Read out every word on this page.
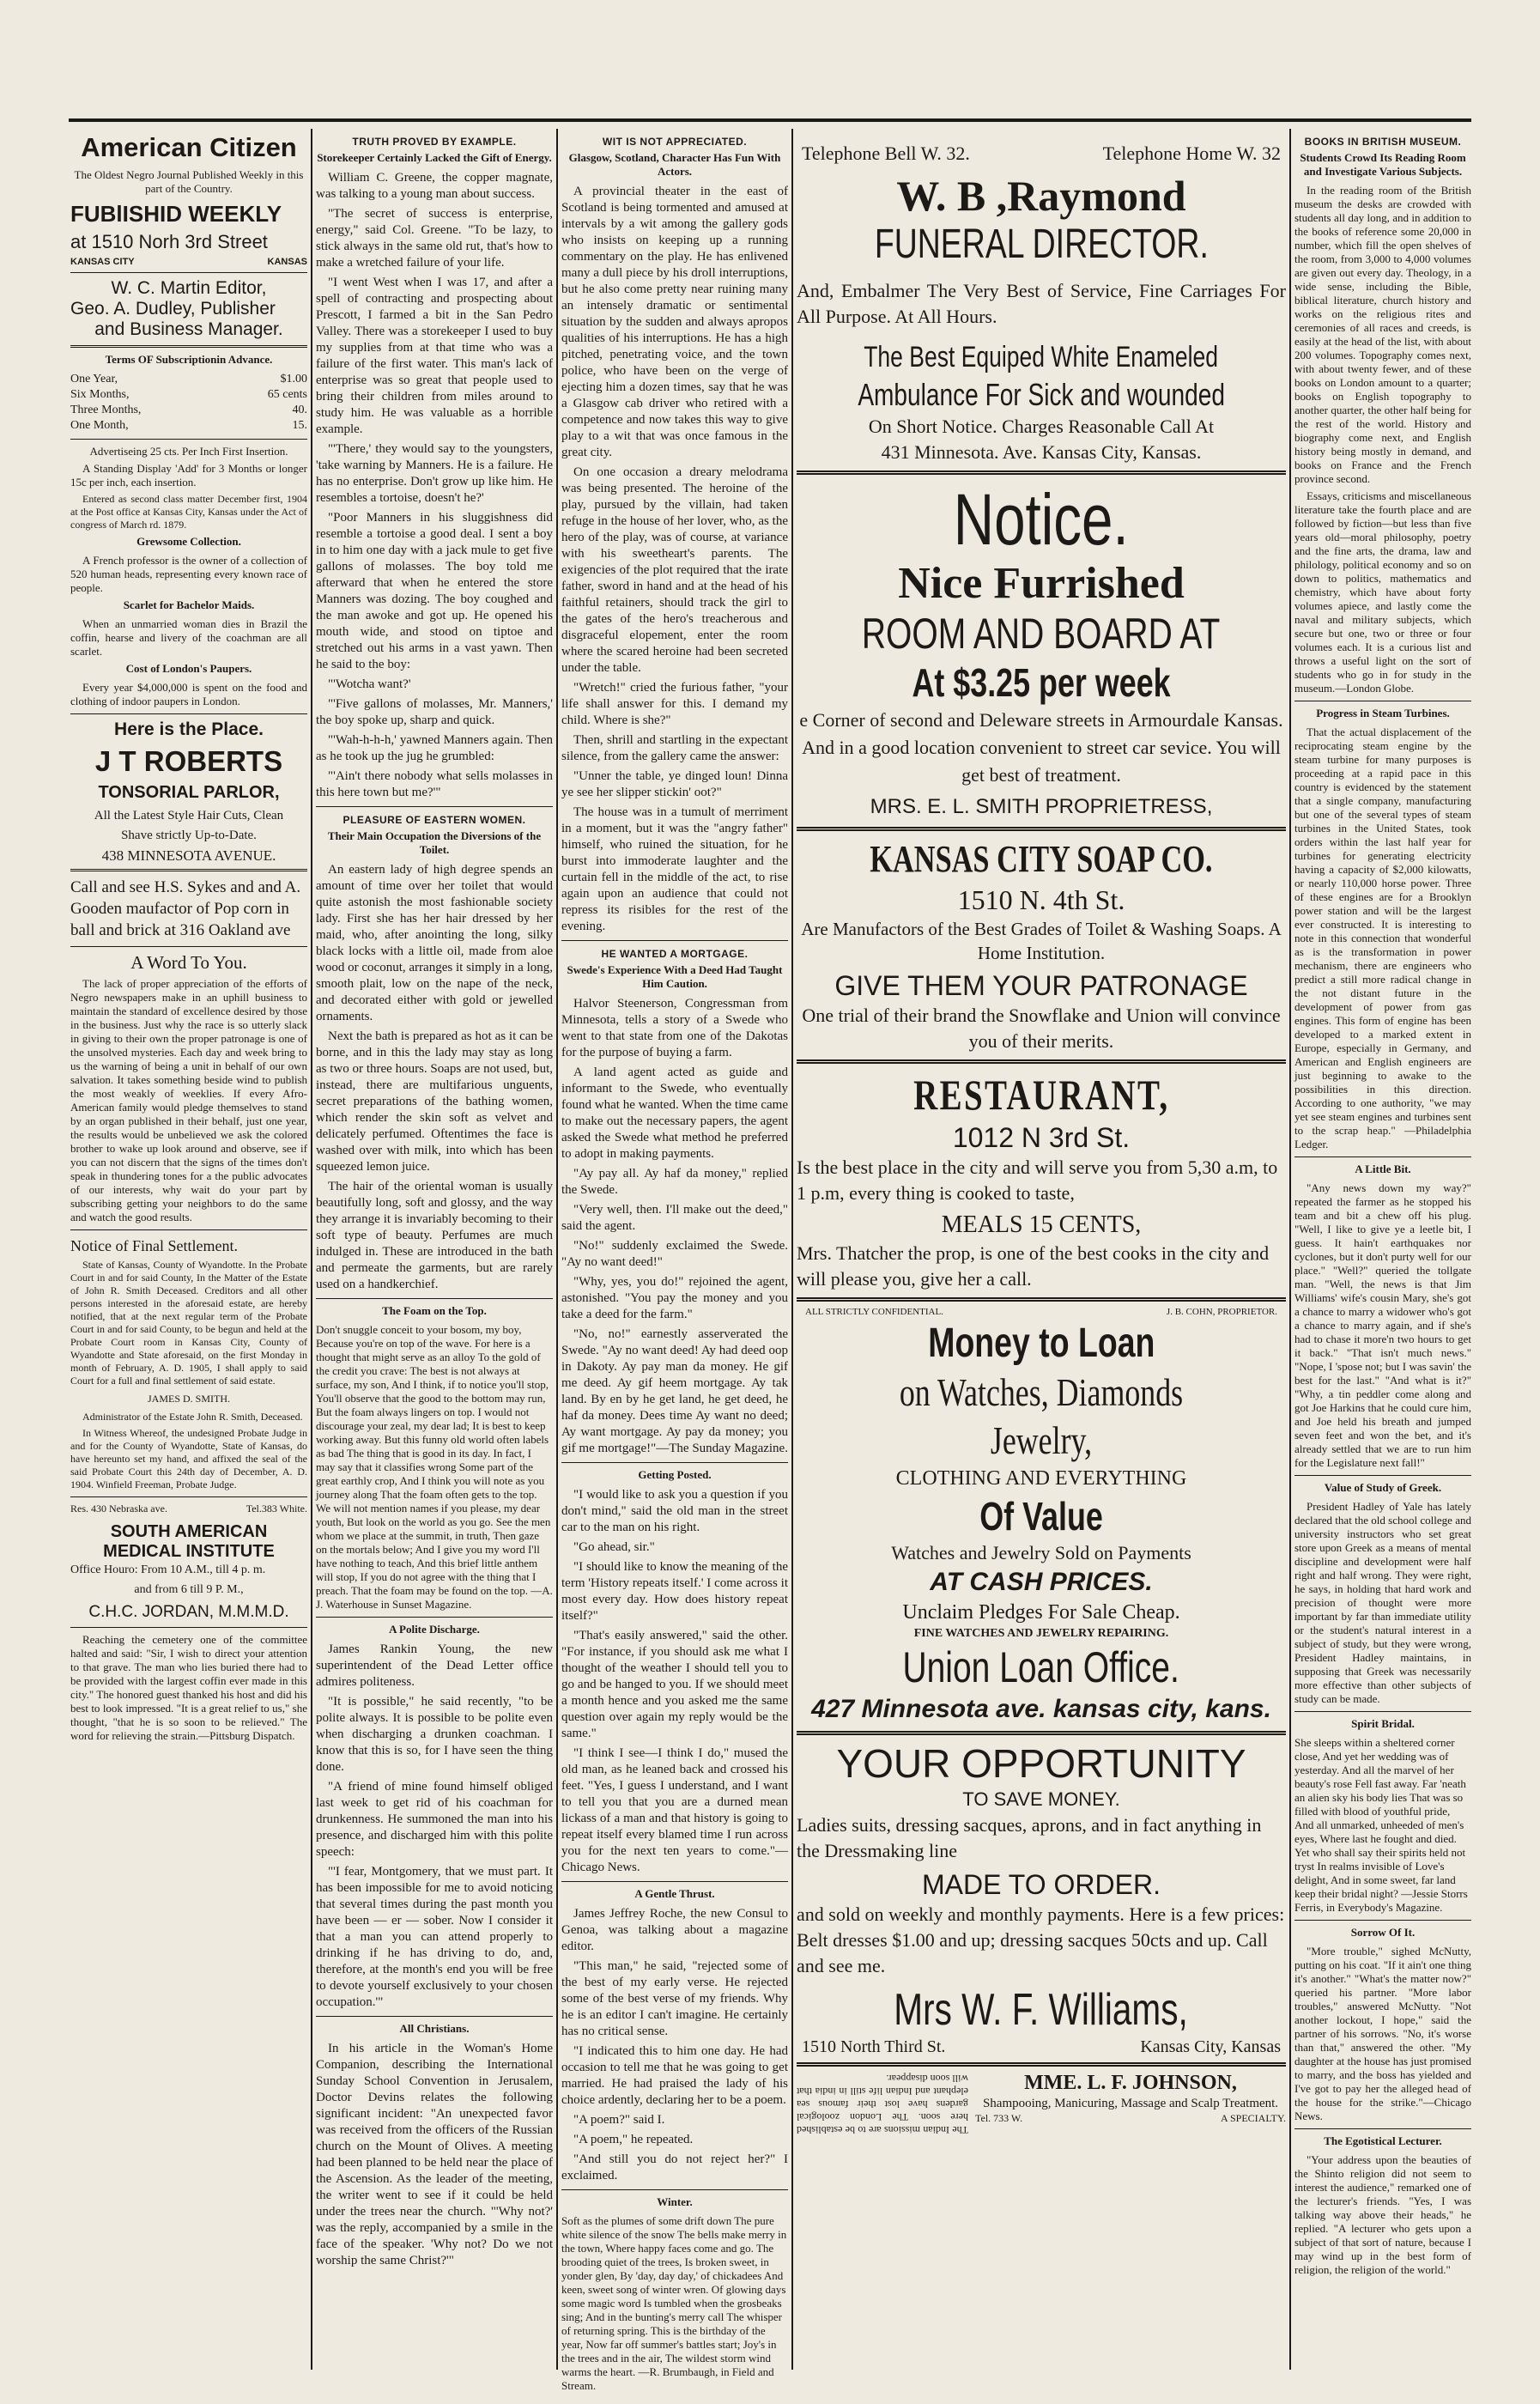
American Citizen

The Oldest Negro Journal Published Weekly in this part of the Country.

FUBlISHID WEEKLY
at 1510 Norh 3rd Street
KANSAS CITY	KANSAS
W. C. Martin Editor,
Geo. A. Dudley, Publisher
and Business Manager.
Terms OF Subscriptionin Advance.
One Year,	$1.00
Six Months,	65 cents
Three Months,	40.
One Month,	15.

Advertiseing 25 cts. Per Inch First Insertion.

A Standing Display 'Add' for 3 Months or longer 15c per inch, each insertion.

Entered as second class matter December first, 1904 at the Post office at Kansas City, Kansas under the Act of congress of March rd. 1879.

Grewsome Collection.

A French professor is the owner of a collection of 520 human heads, representing every known race of people.

Scarlet for Bachelor Maids.

When an unmarried woman dies in Brazil the coffin, hearse and livery of the coachman are all scarlet.

Cost of London's Paupers.

Every year $4,000,000 is spent on the food and clothing of indoor paupers in London.

Here is the Place.
J T ROBERTS
TONSORIAL PARLOR,

All the Latest Style Hair Cuts, Clean

Shave strictly Up-to-Date.

438 MINNESOTA AVENUE.

Call and see H.S. Sykes and and A. Gooden maufactor of Pop corn in ball and brick at 316 Oakland ave

A Word To You.

The lack of proper appreciation of the efforts of Negro newspapers make in an uphill business to maintain the standard of excellence desired by those in the business. Just why the race is so utterly slack in giving to their own the proper patronage is one of the unsolved mysteries. Each day and week bring to us the warning of being a unit in behalf of our own salvation. It takes something beside wind to publish the most weakly of weeklies. If every Afro-American family would pledge themselves to stand by an organ published in their behalf, just one year, the results would be unbelieved we ask the colored brother to wake up look around and observe, see if you can not discern that the signs of the times don't speak in thundering tones for a the public advocates of our interests, why wait do your part by subscribing getting your neighbors to do the same and watch the good results.

Notice of Final Settlement.

State of Kansas, County of Wyandotte. In the Probate Court in and for said County, In the Matter of the Estate of John R. Smith Deceased. Creditors and all other persons interested in the aforesaid estate, are hereby notified, that at the next regular term of the Probate Court in and for said County, to be begun and held at the Probate Court room in Kansas City, County of Wyandotte and State aforesaid, on the first Monday in month of February, A. D. 1905, I shall apply to said Court for a full and final settlement of said estate.

JAMES D. SMITH.

Administrator of the Estate John R. Smith, Deceased.

In Witness Whereof, the undesigned Probate Judge in and for the County of Wyandotte, State of Kansas, do have hereunto set my hand, and affixed the seal of the said Probate Court this 24th day of December, A. D. 1904. Winfield Freeman, Probate Judge.

Res. 430 Nebraska ave.	Tel.383 White.
SOUTH AMERICAN
MEDICAL INSTITUTE

Office Houro: From 10 A.M., till 4 p. m.

and from 6 till 9 P. M.,

C.H.C. JORDAN, M.M.M.D.

Reaching the cemetery one of the committee halted and said: "Sir, I wish to direct your attention to that grave. The man who lies buried there had to be provided with the largest coffin ever made in this city." The honored guest thanked his host and did his best to look impressed. "It is a great relief to us," she thought, "that he is so soon to be relieved." The word for relieving the strain.—Pittsburg Dispatch.

TRUTH PROVED BY EXAMPLE.
Storekeeper Certainly Lacked the Gift of Energy.

William C. Greene, the copper magnate, was talking to a young man about success.

"The secret of success is enterprise, energy," said Col. Greene. "To be lazy, to stick always in the same old rut, that's how to make a wretched failure of your life.

"I went West when I was 17, and after a spell of contracting and prospecting about Prescott, I farmed a bit in the San Pedro Valley. There was a storekeeper I used to buy my supplies from at that time who was a failure of the first water. This man's lack of enterprise was so great that people used to bring their children from miles around to study him. He was valuable as a horrible example.

"'There,' they would say to the youngsters, 'take warning by Manners. He is a failure. He has no enterprise. Don't grow up like him. He resembles a tortoise, doesn't he?'

"Poor Manners in his sluggishness did resemble a tortoise a good deal. I sent a boy in to him one day with a jack mule to get five gallons of molasses. The boy told me afterward that when he entered the store Manners was dozing. The boy coughed and the man awoke and got up. He opened his mouth wide, and stood on tiptoe and stretched out his arms in a vast yawn. Then he said to the boy:

"'Wotcha want?'

"'Five gallons of molasses, Mr. Manners,' the boy spoke up, sharp and quick.

"'Wah-h-h-h,' yawned Manners again. Then as he took up the jug he grumbled:

"'Ain't there nobody what sells molasses in this here town but me?'"

PLEASURE OF EASTERN WOMEN.
Their Main Occupation the Diversions of the Toilet.

An eastern lady of high degree spends an amount of time over her toilet that would quite astonish the most fashionable society lady. First she has her hair dressed by her maid, who, after anointing the long, silky black locks with a little oil, made from aloe wood or coconut, arranges it simply in a long, smooth plait, low on the nape of the neck, and decorated either with gold or jewelled ornaments.

Next the bath is prepared as hot as it can be borne, and in this the lady may stay as long as two or three hours. Soaps are not used, but, instead, there are multifarious unguents, secret preparations of the bathing women, which render the skin soft as velvet and delicately perfumed. Oftentimes the face is washed over with milk, into which has been squeezed lemon juice.

The hair of the oriental woman is usually beautifully long, soft and glossy, and the way they arrange it is invariably becoming to their soft type of beauty. Perfumes are much indulged in. These are introduced in the bath and permeate the garments, but are rarely used on a handkerchief.

The Foam on the Top.

Don't snuggle conceit to your bosom, my boy, Because you're on top of the wave. For here is a thought that might serve as an alloy To the gold of the credit you crave: The best is not always at surface, my son, And I think, if to notice you'll stop, You'll observe that the good to the bottom may run, But the foam always lingers on top. I would not discourage your zeal, my dear lad; It is best to keep working away. But this funny old world often labels as bad The thing that is good in its day. In fact, I may say that it classifies wrong Some part of the great earthly crop, And I think you will note as you journey along That the foam often gets to the top. We will not mention names if you please, my dear youth, But look on the world as you go. See the men whom we place at the summit, in truth, Then gaze on the mortals below; And I give you my word I'll have nothing to teach, And this brief little anthem will stop, If you do not agree with the thing that I preach. That the foam may be found on the top. —A. J. Waterhouse in Sunset Magazine.

A Polite Discharge.

James Rankin Young, the new superintendent of the Dead Letter office admires politeness.

"It is possible," he said recently, "to be polite always. It is possible to be polite even when discharging a drunken coachman. I know that this is so, for I have seen the thing done.

"A friend of mine found himself obliged last week to get rid of his coachman for drunkenness. He summoned the man into his presence, and discharged him with this polite speech:

"'I fear, Montgomery, that we must part. It has been impossible for me to avoid noticing that several times during the past month you have been — er — sober. Now I consider it that a man you can attend properly to drinking if he has driving to do, and, therefore, at the month's end you will be free to devote yourself exclusively to your chosen occupation.'"

All Christians.

In his article in the Woman's Home Companion, describing the International Sunday School Convention in Jerusalem, Doctor Devins relates the following significant incident: "An unexpected favor was received from the officers of the Russian church on the Mount of Olives. A meeting had been planned to be held near the place of the Ascension. As the leader of the meeting, the writer went to see if it could be held under the trees near the church. "'Why not?' was the reply, accompanied by a smile in the face of the speaker. 'Why not? Do we not worship the same Christ?'"

WIT IS NOT APPRECIATED.
Glasgow, Scotland, Character Has Fun With Actors.

A provincial theater in the east of Scotland is being tormented and amused at intervals by a wit among the gallery gods who insists on keeping up a running commentary on the play. He has enlivened many a dull piece by his droll interruptions, but he also come pretty near ruining many an intensely dramatic or sentimental situation by the sudden and always apropos qualities of his interruptions. He has a high pitched, penetrating voice, and the town police, who have been on the verge of ejecting him a dozen times, say that he was a Glasgow cab driver who retired with a competence and now takes this way to give play to a wit that was once famous in the great city.

On one occasion a dreary melodrama was being presented. The heroine of the play, pursued by the villain, had taken refuge in the house of her lover, who, as the hero of the play, was of course, at variance with his sweetheart's parents. The exigencies of the plot required that the irate father, sword in hand and at the head of his faithful retainers, should track the girl to the gates of the hero's treacherous and disgraceful elopement, enter the room where the scared heroine had been secreted under the table.

"Wretch!" cried the furious father, "your life shall answer for this. I demand my child. Where is she?"

Then, shrill and startling in the expectant silence, from the gallery came the answer:

"Unner the table, ye dinged loun! Dinna ye see her slipper stickin' oot?"

The house was in a tumult of merriment in a moment, but it was the "angry father" himself, who ruined the situation, for he burst into immoderate laughter and the curtain fell in the middle of the act, to rise again upon an audience that could not repress its risibles for the rest of the evening.

HE WANTED A MORTGAGE.
Swede's Experience With a Deed Had Taught Him Caution.

Halvor Steenerson, Congressman from Minnesota, tells a story of a Swede who went to that state from one of the Dakotas for the purpose of buying a farm.

A land agent acted as guide and informant to the Swede, who eventually found what he wanted. When the time came to make out the necessary papers, the agent asked the Swede what method he preferred to adopt in making payments.

"Ay pay all. Ay haf da money," replied the Swede.

"Very well, then. I'll make out the deed," said the agent.

"No!" suddenly exclaimed the Swede. "Ay no want deed!"

"Why, yes, you do!" rejoined the agent, astonished. "You pay the money and you take a deed for the farm."

"No, no!" earnestly asserverated the Swede. "Ay no want deed! Ay had deed oop in Dakoty. Ay pay man da money. He gif me deed. Ay gif heem mortgage. Ay tak land. By en by he get land, he get deed, he haf da money. Dees time Ay want no deed; Ay want mortgage. Ay pay da money; you gif me mortgage!"—The Sunday Magazine.

Getting Posted.

"I would like to ask you a question if you don't mind," said the old man in the street car to the man on his right.

"Go ahead, sir."

"I should like to know the meaning of the term 'History repeats itself.' I come across it most every day. How does history repeat itself?"

"That's easily answered," said the other. "For instance, if you should ask me what I thought of the weather I should tell you to go and be hanged to you. If we should meet a month hence and you asked me the same question over again my reply would be the same."

"I think I see—I think I do," mused the old man, as he leaned back and crossed his feet. "Yes, I guess I understand, and I want to tell you that you are a durned mean lickass of a man and that history is going to repeat itself every blamed time I run across you for the next ten years to come."—Chicago News.

A Gentle Thrust.

James Jeffrey Roche, the new Consul to Genoa, was talking about a magazine editor.

"This man," he said, "rejected some of the best of my early verse. He rejected some of the best verse of my friends. Why he is an editor I can't imagine. He certainly has no critical sense.

"I indicated this to him one day. He had occasion to tell me that he was going to get married. He had praised the lady of his choice ardently, declaring her to be a poem.

"A poem?" said I.

"A poem," he repeated.

"And still you do not reject her?" I exclaimed.

Winter.

Soft as the plumes of some drift down The pure white silence of the snow The bells make merry in the town, Where happy faces come and go. The brooding quiet of the trees, Is broken sweet, in yonder glen, By 'day, day day,' of chickadees And keen, sweet song of winter wren. Of glowing days some magic word Is tumbled when the grosbeaks sing; And in the bunting's merry call The whisper of returning spring. This is the birthday of the year, Now far off summer's battles start; Joy's in the trees and in the air, The wildest storm wind warms the heart. —R. Brumbaugh, in Field and Stream.

Telephone Bell W. 32.	Telephone Home W. 32
W. B ,Raymond
FUNERAL DIRECTOR.

And, Embalmer The Very Best of Service, Fine Carriages For All Purpose. At All Hours.

The Best Equiped White Enameled
Ambulance For Sick and wounded
On Short Notice. Charges Reasonable Call At
431 Minnesota. Ave. Kansas City, Kansas.
Notice.
Nice Furrished
ROOM AND BOARD AT
At $3.25 per week

e Corner of second and Deleware streets in Armourdale Kansas. And in a good location convenient to street car sevice. You will get best of treatment.

MRS. E. L. SMITH PROPRIETRESS,
KANSAS CITY SOAP CO.
1510 N. 4th St.

Are Manufactors of the Best Grades of Toilet & Washing Soaps. A Home Institution.

GIVE THEM YOUR PATRONAGE

One trial of their brand the Snowflake and Union will convince you of their merits.

RESTAURANT,
1012 N 3rd St.

Is the best place in the city and will serve you from 5,30 a.m, to 1 p.m, every thing is cooked to taste,

MEALS 15 CENTS,

Mrs. Thatcher the prop, is one of the best cooks in the city and will please you, give her a call.

ALL STRICTLY CONFIDENTIAL.	J. B. COHN, PROPRIETOR.
Money to Loan
on Watches, Diamonds Jewelry,
CLOTHING AND EVERYTHING
Of Value
Watches and Jewelry Sold on Payments
AT CASH PRICES.
Unclaim Pledges For Sale Cheap.
FINE WATCHES AND JEWELRY REPAIRING.
Union Loan Office.
427 Minnesota ave. kansas city, kans.
YOUR OPPORTUNITY
TO SAVE MONEY.

Ladies suits, dressing sacques, aprons, and in fact anything in the Dressmaking line

MADE TO ORDER.

and sold on weekly and monthly payments. Here is a few prices: Belt dresses $1.00 and up; dressing sacques 50cts and up. Call and see me.

Mrs W. F. Williams,
1510 North Third St.	Kansas City, Kansas

The Indian missions are to be established here soon. The London zoological gardens have lost their famous sea elephant and Indian life still in india that will soon disappear.	MME. L. F. JOHNSON,
Shampooing, Manicuring, Massage and Scalp Treatment.
Tel. 733 W.	A SPECIALTY.
BOOKS IN BRITISH MUSEUM.
Students Crowd Its Reading Room and Investigate Various Subjects.

In the reading room of the British museum the desks are crowded with students all day long, and in addition to the books of reference some 20,000 in number, which fill the open shelves of the room, from 3,000 to 4,000 volumes are given out every day. Theology, in a wide sense, including the Bible, biblical literature, church history and works on the religious rites and ceremonies of all races and creeds, is easily at the head of the list, with about 200 volumes. Topography comes next, with about twenty fewer, and of these books on London amount to a quarter; books on English topography to another quarter, the other half being for the rest of the world. History and biography come next, and English history being mostly in demand, and books on France and the French province second.

Essays, criticisms and miscellaneous literature take the fourth place and are followed by fiction—but less than five years old—moral philosophy, poetry and the fine arts, the drama, law and philology, political economy and so on down to politics, mathematics and chemistry, which have about forty volumes apiece, and lastly come the naval and military subjects, which secure but one, two or three or four volumes each. It is a curious list and throws a useful light on the sort of students who go in for study in the museum.—London Globe.

Progress in Steam Turbines.

That the actual displacement of the reciprocating steam engine by the steam turbine for many purposes is proceeding at a rapid pace in this country is evidenced by the statement that a single company, manufacturing but one of the several types of steam turbines in the United States, took orders within the last half year for turbines for generating electricity having a capacity of $2,000 kilowatts, or nearly 110,000 horse power. Three of these engines are for a Brooklyn power station and will be the largest ever constructed. It is interesting to note in this connection that wonderful as is the transformation in power mechanism, there are engineers who predict a still more radical change in the not distant future in the development of power from gas engines. This form of engine has been developed to a marked extent in Europe, especially in Germany, and American and English engineers are just beginning to awake to the possibilities in this direction. According to one authority, "we may yet see steam engines and turbines sent to the scrap heap." —Philadelphia Ledger.

A Little Bit.

"Any news down my way?" repeated the farmer as he stopped his team and bit a chew off his plug. "Well, I like to give ye a leetle bit, I guess. It hain't earthquakes nor cyclones, but it don't purty well for our place." "Well?" queried the tollgate man. "Well, the news is that Jim Williams' wife's cousin Mary, she's got a chance to marry a widower who's got a chance to marry again, and if she's had to chase it more'n two hours to get it back." "That isn't much news." "Nope, I 'spose not; but I was savin' the best for the last." "And what is it?" "Why, a tin peddler come along and got Joe Harkins that he could cure him, and Joe held his breath and jumped seven feet and won the bet, and it's already settled that we are to run him for the Legislature next fall!"

Value of Study of Greek.

President Hadley of Yale has lately declared that the old school college and university instructors who set great store upon Greek as a means of mental discipline and development were half right and half wrong. They were right, he says, in holding that hard work and precision of thought were more important by far than immediate utility or the student's natural interest in a subject of study, but they were wrong, President Hadley maintains, in supposing that Greek was necessarily more effective than other subjects of study can be made.

Spirit Bridal.

She sleeps within a sheltered corner close, And yet her wedding was of yesterday. And all the marvel of her beauty's rose Fell fast away. Far 'neath an alien sky his body lies That was so filled with blood of youthful pride, And all unmarked, unheeded of men's eyes, Where last he fought and died. Yet who shall say their spirits held not tryst In realms invisible of Love's delight, And in some sweet, far land keep their bridal night? —Jessie Storrs Ferris, in Everybody's Magazine.

Sorrow Of It.

"More trouble," sighed McNutty, putting on his coat. "If it ain't one thing it's another." "What's the matter now?" queried his partner. "More labor troubles," answered McNutty. "Not another lockout, I hope," said the partner of his sorrows. "No, it's worse than that," answered the other. "My daughter at the house has just promised to marry, and the boss has yielded and I've got to pay her the alleged head of the house for the strike."—Chicago News.

The Egotistical Lecturer.

"Your address upon the beauties of the Shinto religion did not seem to interest the audience," remarked one of the lecturer's friends. "Yes, I was talking way above their heads," he replied. "A lecturer who gets upon a subject of that sort of nature, because I may wind up in the best form of religion, the religion of the world."
